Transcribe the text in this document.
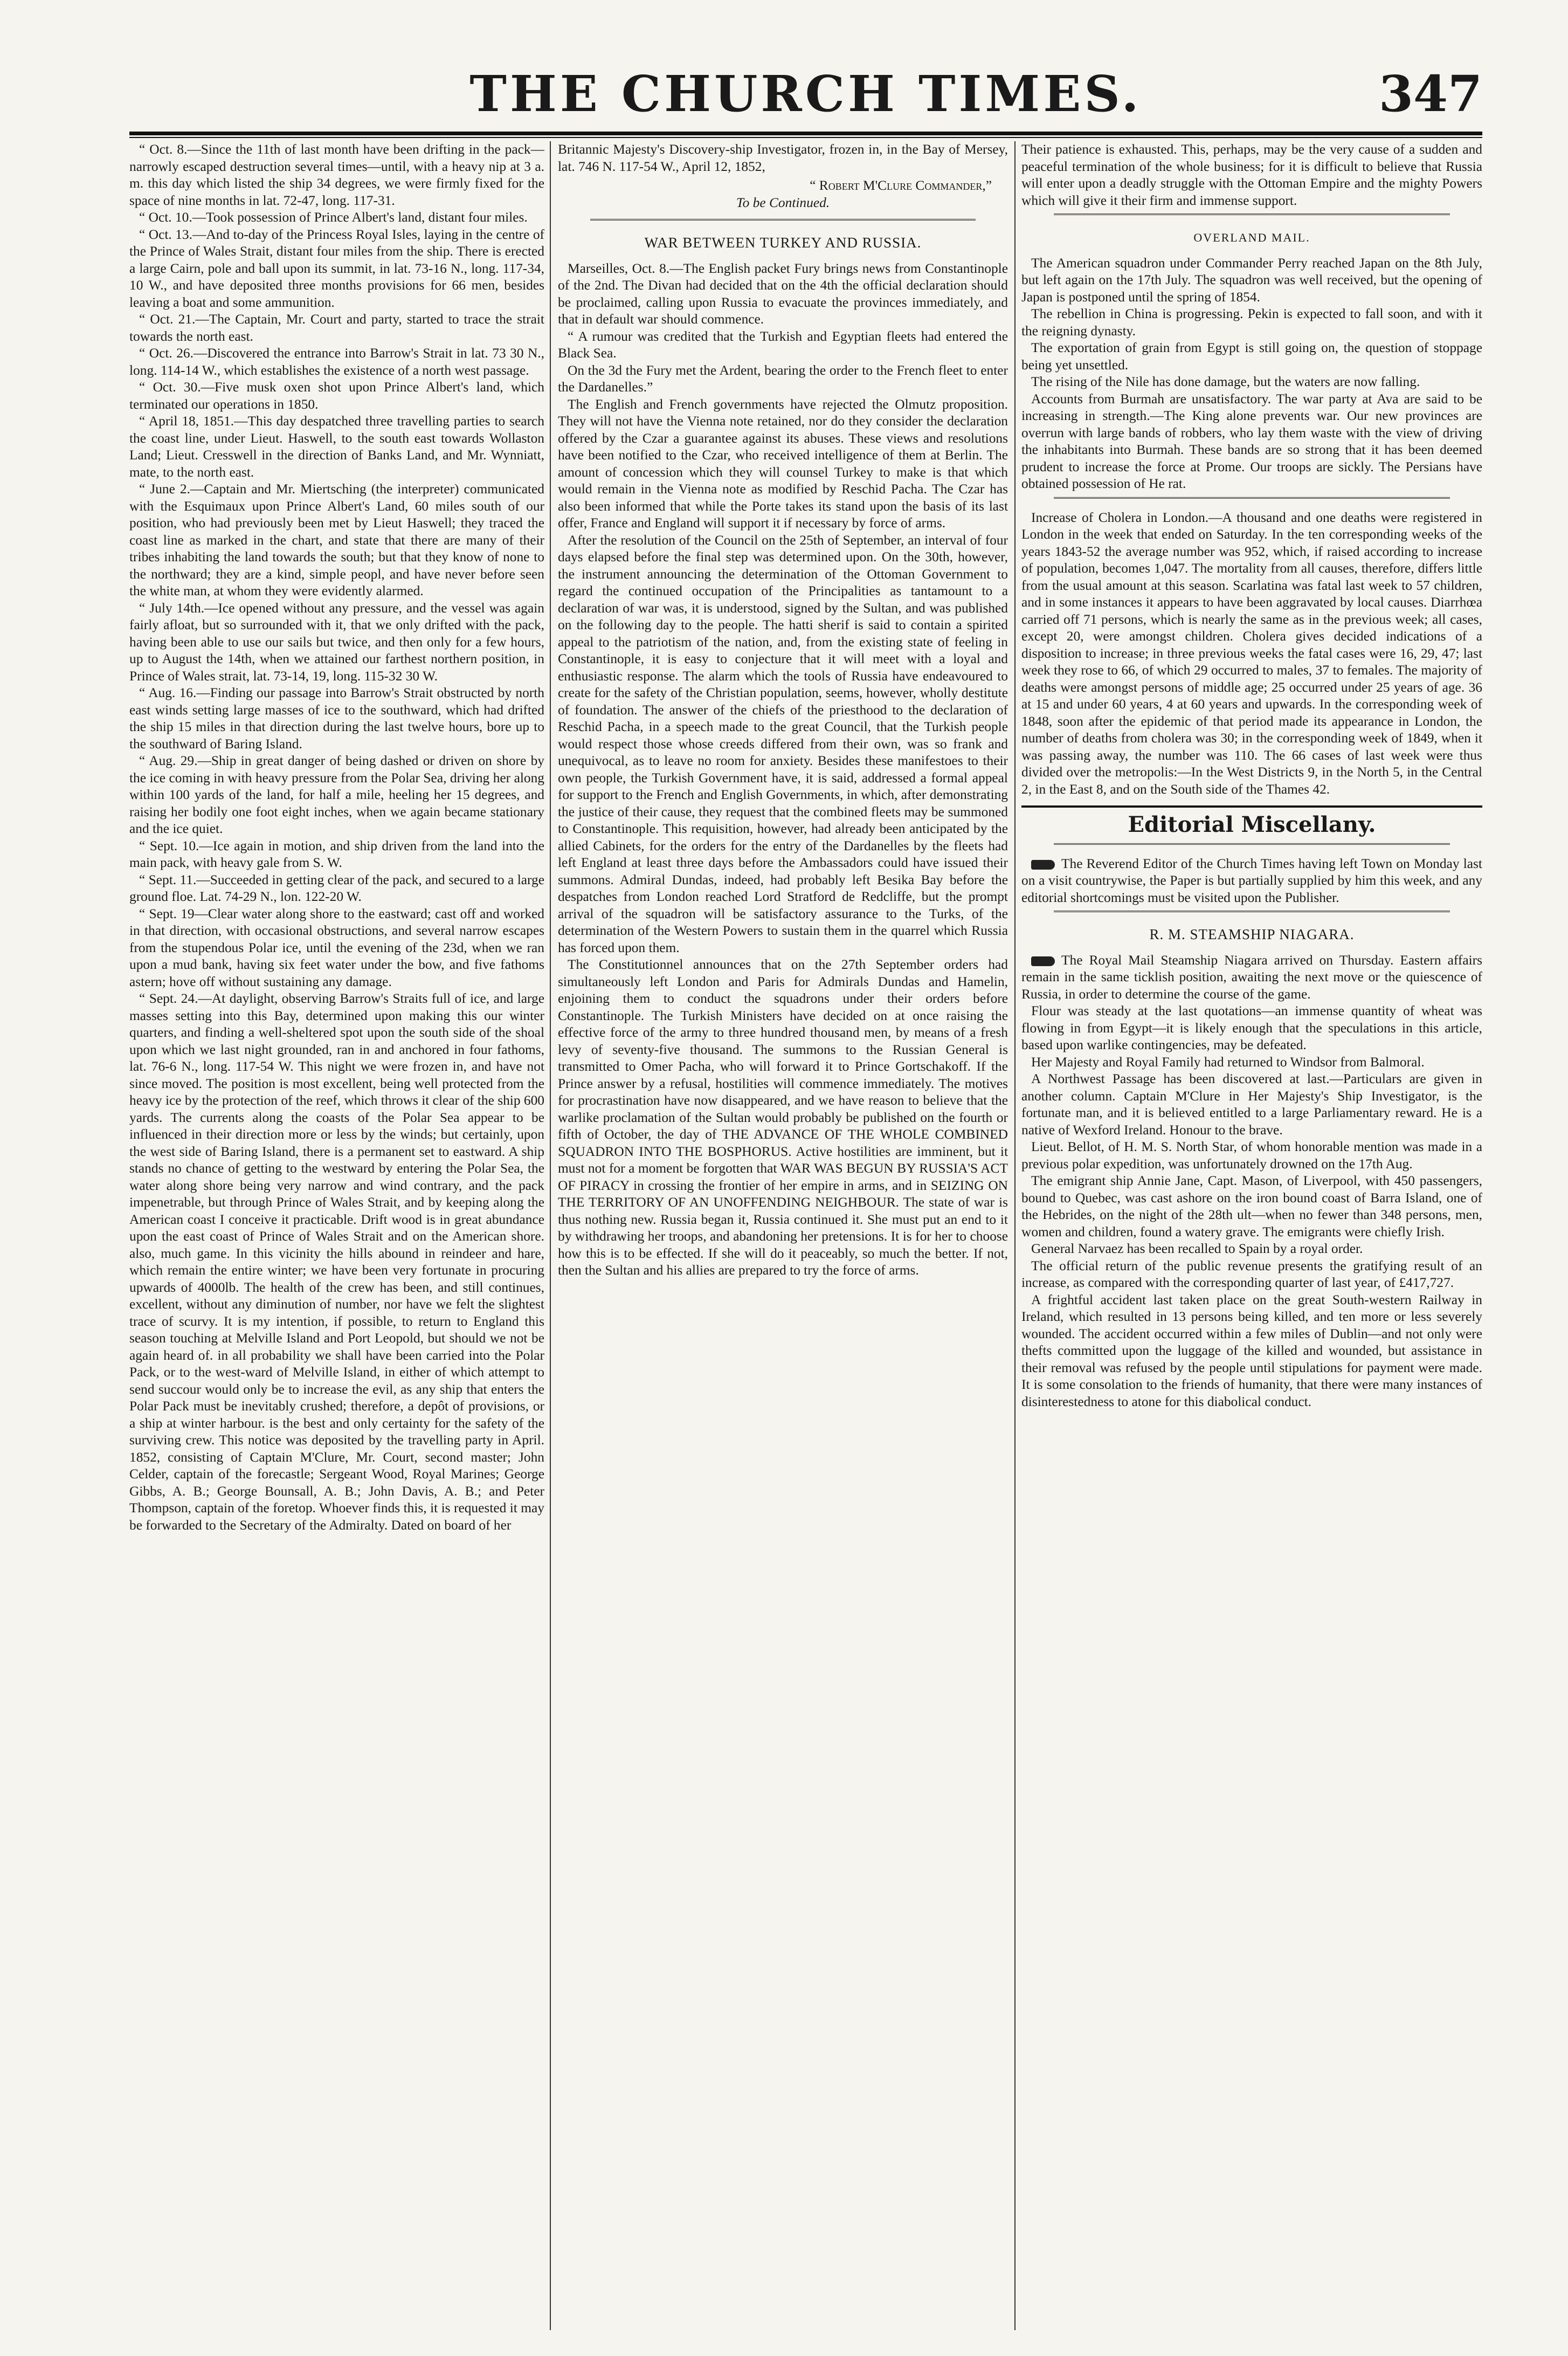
THE CHURCH TIMES.	347

“ Oct. 8.—Since the 11th of last month have been drifting in the pack—narrowly escaped destruction several times—until, with a heavy nip at 3 a. m. this day which listed the ship 34 degrees, we were firmly fixed for the space of nine months in lat. 72-47, long. 117-31.

“ Oct. 10.—Took possession of Prince Albert's land, distant four miles.

“ Oct. 13.—And to-day of the Princess Royal Isles, laying in the centre of the Prince of Wales Strait, distant four miles from the ship. There is erected a large Cairn, pole and ball upon its summit, in lat. 73-16 N., long. 117-34, 10 W., and have deposited three months provisions for 66 men, besides leaving a boat and some ammunition.

“ Oct. 21.—The Captain, Mr. Court and party, started to trace the strait towards the north east.

“ Oct. 26.—Discovered the entrance into Barrow's Strait in lat. 73 30 N., long. 114-14 W., which establishes the existence of a north west passage.

“ Oct. 30.—Five musk oxen shot upon Prince Albert's land, which terminated our operations in 1850.

“ April 18, 1851.—This day despatched three travelling parties to search the coast line, under Lieut. Haswell, to the south east towards Wollaston Land; Lieut. Cresswell in the direction of Banks Land, and Mr. Wynniatt, mate, to the north east.

“ June 2.—Captain and Mr. Miertsching (the interpreter) communicated with the Esquimaux upon Prince Albert's Land, 60 miles south of our position, who had previously been met by Lieut Haswell; they traced the coast line as marked in the chart, and state that there are many of their tribes inhabiting the land towards the south; but that they know of none to the northward; they are a kind, simple peopl, and have never before seen the white man, at whom they were evidently alarmed.

“ July 14th.—Ice opened without any pressure, and the vessel was again fairly afloat, but so surrounded with it, that we only drifted with the pack, having been able to use our sails but twice, and then only for a few hours, up to August the 14th, when we attained our farthest northern position, in Prince of Wales strait, lat. 73-14, 19, long. 115-32 30 W.

“ Aug. 16.—Finding our passage into Barrow's Strait obstructed by north east winds setting large masses of ice to the southward, which had drifted the ship 15 miles in that direction during the last twelve hours, bore up to the southward of Baring Island.

“ Aug. 29.—Ship in great danger of being dashed or driven on shore by the ice coming in with heavy pressure from the Polar Sea, driving her along within 100 yards of the land, for half a mile, heeling her 15 degrees, and raising her bodily one foot eight inches, when we again became stationary and the ice quiet.

“ Sept. 10.—Ice again in motion, and ship driven from the land into the main pack, with heavy gale from S. W.

“ Sept. 11.—Succeeded in getting clear of the pack, and secured to a large ground floe. Lat. 74-29 N., lon. 122-20 W.

“ Sept. 19—Clear water along shore to the eastward; cast off and worked in that direction, with occasional obstructions, and several narrow escapes from the stupendous Polar ice, until the evening of the 23d, when we ran upon a mud bank, having six feet water under the bow, and five fathoms astern; hove off without sustaining any damage.

“ Sept. 24.—At daylight, observing Barrow's Straits full of ice, and large masses setting into this Bay, determined upon making this our winter quarters, and finding a well-sheltered spot upon the south side of the shoal upon which we last night grounded, ran in and anchored in four fathoms, lat. 76-6 N., long. 117-54 W. This night we were frozen in, and have not since moved. The position is most excellent, being well protected from the heavy ice by the protection of the reef, which throws it clear of the ship 600 yards. The currents along the coasts of the Polar Sea appear to be influenced in their direction more or less by the winds; but certainly, upon the west side of Baring Island, there is a permanent set to eastward. A ship stands no chance of getting to the westward by entering the Polar Sea, the water along shore being very narrow and wind contrary, and the pack impenetrable, but through Prince of Wales Strait, and by keeping along the American coast I conceive it practicable. Drift wood is in great abundance upon the east coast of Prince of Wales Strait and on the American shore. also, much game. In this vicinity the hills abound in reindeer and hare, which remain the entire winter; we have been very fortunate in procuring upwards of 4000lb. The health of the crew has been, and still continues, excellent, without any diminution of number, nor have we felt the slightest trace of scurvy. It is my intention, if possible, to return to England this season touching at Melville Island and Port Leopold, but should we not be again heard of. in all probability we shall have been carried into the Polar Pack, or to the west-ward of Melville Island, in either of which attempt to send succour would only be to increase the evil, as any ship that enters the Polar Pack must be inevitably crushed; therefore, a depôt of provisions, or a ship at winter harbour. is the best and only certainty for the safety of the surviving crew. This notice was deposited by the travelling party in April. 1852, consisting of Captain M'Clure, Mr. Court, second master; John Celder, captain of the forecastle; Sergeant Wood, Royal Marines; George Gibbs, A. B.; George Bounsall, A. B.; John Davis, A. B.; and Peter Thompson, captain of the foretop. Whoever finds this, it is requested it may be forwarded to the Secretary of the Admiralty. Dated on board of her

Britannic Majesty's Discovery-ship Investigator, frozen in, in the Bay of Mersey, lat. 746 N. 117-54 W., April 12, 1852,

“ Robert M'Clure Commander,”
To be Continued.
WAR BETWEEN TURKEY AND RUSSIA.

Marseilles, Oct. 8.—The English packet Fury brings news from Constantinople of the 2nd. The Divan had decided that on the 4th the official declaration should be proclaimed, calling upon Russia to evacuate the provinces immediately, and that in default war should commence.

“ A rumour was credited that the Turkish and Egyptian fleets had entered the Black Sea.

On the 3d the Fury met the Ardent, bearing the order to the French fleet to enter the Dardanelles.”

The English and French governments have rejected the Olmutz proposition. They will not have the Vienna note retained, nor do they consider the declaration offered by the Czar a guarantee against its abuses. These views and resolutions have been notified to the Czar, who received intelligence of them at Berlin. The amount of concession which they will counsel Turkey to make is that which would remain in the Vienna note as modified by Reschid Pacha. The Czar has also been informed that while the Porte takes its stand upon the basis of its last offer, France and England will support it if necessary by force of arms.

After the resolution of the Council on the 25th of September, an interval of four days elapsed before the final step was determined upon. On the 30th, however, the instrument announcing the determination of the Ottoman Government to regard the continued occupation of the Principalities as tantamount to a declaration of war was, it is understood, signed by the Sultan, and was published on the following day to the people. The hatti sherif is said to contain a spirited appeal to the patriotism of the nation, and, from the existing state of feeling in Constantinople, it is easy to conjecture that it will meet with a loyal and enthusiastic response. The alarm which the tools of Russia have endeavoured to create for the safety of the Christian population, seems, however, wholly destitute of foundation. The answer of the chiefs of the priesthood to the declaration of Reschid Pacha, in a speech made to the great Council, that the Turkish people would respect those whose creeds differed from their own, was so frank and unequivocal, as to leave no room for anxiety. Besides these manifestoes to their own people, the Turkish Government have, it is said, addressed a formal appeal for support to the French and English Governments, in which, after demonstrating the justice of their cause, they request that the combined fleets may be summoned to Constantinople. This requisition, however, had already been anticipated by the allied Cabinets, for the orders for the entry of the Dardanelles by the fleets had left England at least three days before the Ambassadors could have issued their summons. Admiral Dundas, indeed, had probably left Besika Bay before the despatches from London reached Lord Stratford de Redcliffe, but the prompt arrival of the squadron will be satisfactory assurance to the Turks, of the determination of the Western Powers to sustain them in the quarrel which Russia has forced upon them.

The Constitutionnel announces that on the 27th September orders had simultaneously left London and Paris for Admirals Dundas and Hamelin, enjoining them to conduct the squadrons under their orders before Constantinople. The Turkish Ministers have decided on at once raising the effective force of the army to three hundred thousand men, by means of a fresh levy of seventy-five thousand. The summons to the Russian General is transmitted to Omer Pacha, who will forward it to Prince Gortschakoff. If the Prince answer by a refusal, hostilities will commence immediately. The motives for procrastination have now disappeared, and we have reason to believe that the warlike proclamation of the Sultan would probably be published on the fourth or fifth of October, the day of THE ADVANCE OF THE WHOLE COMBINED SQUADRON INTO THE BOSPHORUS. Active hostilities are imminent, but it must not for a moment be forgotten that WAR WAS BEGUN BY RUSSIA'S ACT OF PIRACY in crossing the frontier of her empire in arms, and in SEIZING ON THE TERRITORY OF AN UNOFFENDING NEIGHBOUR. The state of war is thus nothing new. Russia began it, Russia continued it. She must put an end to it by withdrawing her troops, and abandoning her pretensions. It is for her to choose how this is to be effected. If she will do it peaceably, so much the better. If not, then the Sultan and his allies are prepared to try the force of arms.

Their patience is exhausted. This, perhaps, may be the very cause of a sudden and peaceful termination of the whole business; for it is difficult to believe that Russia will enter upon a deadly struggle with the Ottoman Empire and the mighty Powers which will give it their firm and immense support.

OVERLAND MAIL.

The American squadron under Commander Perry reached Japan on the 8th July, but left again on the 17th July. The squadron was well received, but the opening of Japan is postponed until the spring of 1854.

The rebellion in China is progressing. Pekin is expected to fall soon, and with it the reigning dynasty.

The exportation of grain from Egypt is still going on, the question of stoppage being yet unsettled.

The rising of the Nile has done damage, but the waters are now falling.

Accounts from Burmah are unsatisfactory. The war party at Ava are said to be increasing in strength.—The King alone prevents war. Our new provinces are overrun with large bands of robbers, who lay them waste with the view of driving the inhabitants into Burmah. These bands are so strong that it has been deemed prudent to increase the force at Prome. Our troops are sickly. The Persians have obtained possession of He rat.

Increase of Cholera in London.—A thousand and one deaths were registered in London in the week that ended on Saturday. In the ten corresponding weeks of the years 1843-52 the average number was 952, which, if raised according to increase of population, becomes 1,047. The mortality from all causes, therefore, differs little from the usual amount at this season. Scarlatina was fatal last week to 57 children, and in some instances it appears to have been aggravated by local causes. Diarrhœa carried off 71 persons, which is nearly the same as in the previous week; all cases, except 20, were amongst children. Cholera gives decided indications of a disposition to increase; in three previous weeks the fatal cases were 16, 29, 47; last week they rose to 66, of which 29 occurred to males, 37 to females. The majority of deaths were amongst persons of middle age; 25 occurred under 25 years of age. 36 at 15 and under 60 years, 4 at 60 years and upwards. In the corresponding week of 1848, soon after the epidemic of that period made its appearance in London, the number of deaths from cholera was 30; in the corresponding week of 1849, when it was passing away, the number was 110. The 66 cases of last week were thus divided over the metropolis:—In the West Districts 9, in the North 5, in the Central 2, in the East 8, and on the South side of the Thames 42.

Editorial Miscellany.

The Reverend Editor of the Church Times having left Town on Monday last on a visit countrywise, the Paper is but partially supplied by him this week, and any editorial shortcomings must be visited upon the Publisher.

R. M. STEAMSHIP NIAGARA.

The Royal Mail Steamship Niagara arrived on Thursday. Eastern affairs remain in the same ticklish position, awaiting the next move or the quiescence of Russia, in order to determine the course of the game.

Flour was steady at the last quotations—an immense quantity of wheat was flowing in from Egypt—it is likely enough that the speculations in this article, based upon warlike contingencies, may be defeated.

Her Majesty and Royal Family had returned to Windsor from Balmoral.

A Northwest Passage has been discovered at last.—Particulars are given in another column. Captain M'Clure in Her Majesty's Ship Investigator, is the fortunate man, and it is believed entitled to a large Parliamentary reward. He is a native of Wexford Ireland. Honour to the brave.

Lieut. Bellot, of H. M. S. North Star, of whom honorable mention was made in a previous polar expedition, was unfortunately drowned on the 17th Aug.

The emigrant ship Annie Jane, Capt. Mason, of Liverpool, with 450 passengers, bound to Quebec, was cast ashore on the iron bound coast of Barra Island, one of the Hebrides, on the night of the 28th ult—when no fewer than 348 persons, men, women and children, found a watery grave. The emigrants were chiefly Irish.

General Narvaez has been recalled to Spain by a royal order.

The official return of the public revenue presents the gratifying result of an increase, as compared with the corresponding quarter of last year, of £417,727.

A frightful accident last taken place on the great South-western Railway in Ireland, which resulted in 13 persons being killed, and ten more or less severely wounded. The accident occurred within a few miles of Dublin—and not only were thefts committed upon the luggage of the killed and wounded, but assistance in their removal was refused by the people until stipulations for payment were made. It is some consolation to the friends of humanity, that there were many instances of disinterestedness to atone for this diabolical conduct.
